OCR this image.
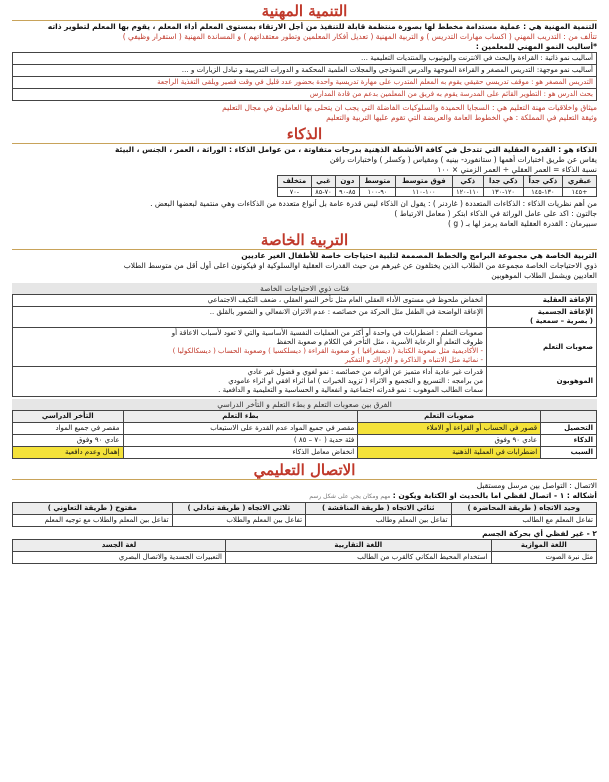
التنمية المهنية
التنمية المهنية هي : عملية مستدامة مخطط لها بصورة منتظمة قابلة للتنفيذ من أجل الارتقاء بمستوى المعلم أداء المعلم ، يقوم بها المعلم لتطوير ذاته
تتألف من : التدريب المهني ( اكساب مهارات التدريس ) و التربية المهنية ( تعديل أفكار المعلمين وتطور معتقداتهم ) و المساندة المهنية ( استقرار وظيفي )
*أساليب النمو المهني للمعلمين :
أساليب نمو ذاتية : القراءة والبحث في الانترنت واليوتيوب والمنتديات التعليمية …
أساليب نمو موجهة: التدريس المصغر و القراءة الموجهة والدرس النموذجي والمجلات العلمية المحكمة و الدورات التدريبية و تبادل الزيارات و …
التدريس المصغر هو : موقف تدريسي حقيقي يقوم به المعلم المتدرب على مهارة تدريسية واحدة بحضور عدد قليل في وقت قصير ويلقى التغذية الراجعة
بحث الدرس هو : التطوير القائم على المدرسة يقوم به فريق من المعلمين بدعم من قادة المدارس
ميثاق واخلاقيات مهنة التعليم هي : السجايا الحميدة والسلوكيات الفاضلة التي يجب ان يتحلى بها العاملون في مجال التعليم
وثيقة التعليم في المملكة : هي الخطوط العامة والعريضة التي تقوم عليها التربية والتعليم
الذكاء
الذكاء هو : القدرة العقلية التي تتدخل في كافة الأنشطة الذهنية بدرجات متفاوتة ، من عوامل الذكاء : الوراثة ، العمر ، الجنس ، البيئة
يقاس عن طريق اختبارات أهمها ( ستانفورد- بينيه ) ومقياس ( وكسلر ) واختبارات رافن
نسبة الذكاء = العمر العقلي ÷ العمر الزمني × ١٠٠
عبقري	ذكي جداً	ذكي جدا	ذكي	فوق متوسط	متوسط	دون	غبي	متخلف
+١٤٥	١٣٠-١٤٥	١٢٠-١٣٠	١١٠-١٢٠	١٠٠-١١٠	٩٠-١٠٠	٨٥-٩٠	٧٠-٨٥	-٧٠
من أهم نظريات الذكاء : الذكاءات المتعددة ( غاردنر ) : يقول ان الذكاء ليس قدرة عامة بل أنواع متعددة من الذكاءات وهي منتمية لبعضها البعض .
جالتون : اكد على عامل الوراثة في الذكاء ابتكر ( معامل الارتباط )
سبيرمان : القدرة العقلية العامة يرمز لها بـ ( g )
التربية الخاصة
التربية الخاصة هي مجموعة البرامج والخطط المصممة لتلبية احتياجات خاصة للأطفال الغير عاديين
ذوي الاحتياجات الخاصة مجموعة من الطلاب الذين يختلفون عن غيرهم من حيث القدرات العقلية اوالسلوكية او فيكونون اعلى أول أقل من متوسط الطلاب
العاديين ويشمل الطلاب الموهوبين
فئات ذوي الاحتياجات الخاصة
الإعاقة العقلية	انخفاض ملحوظ في مستوى الأداء العقلي العام مثل تأخر النمو العقلي ، ضعف التكيف الاجتماعي
الإعاقة الجسمية
( بصرية – سمعية )	الإعاقة الواضحة في الطفل مثل الحركة من خصائصه : عدم الاتزان الانفعالي و الشعور بالقلق ..
صعوبات التعلم	صعوبات التعلم : اضطرابات في واحدة أو أكثر من العمليات النفسية الأساسية والتي لا تعود لأسباب الاعاقة أو
ظروف التعلم أو الرعاية الأسرية ، مثل التأخر في الكلام و صعوبة الحفظ
- الأكاديمية مثل صعوبة الكتابة ( ديسغرافيا ) و صعوبة القراءة ( ديسلكسيا ) وصعوبة الحساب ( ديسكالكوليا )
- نمائية مثل الانتباه و الذاكرة و الإدراك و التفكير

الموهوبون	قدرات غير عادية أداء متميز عن أقرانه من خصائصه : نمو لغوي و فضول غير عادي
من برامجه : التسريع و التجميع و الاثراء ( تزويد الخبرات ) اما اثراء افقي او اثراء عامودي
سمات الطالب الموهوب : نمو قدراته اجتماعية و انفعالية و الحساسية و التعليمية و الدافعية .
الفرق بين صعوبات التعلم و بطء التعلم و التأخر الدراسي
	صعوبات التعلم	بطء التعلم	التأخر الدراسي
التحصيل	قصور في الحساب أو القراءة أو الاملاء	مقصر في جميع المواد عدم القدرة على الاستيعاب	مقصر في جميع المواد
الذكاء	عادي ٩٠ وفوق	فئة حدية ( ٧٠ – ٨٥ )	عادي ٩٠ وفوق
السبب	اضطرابات في العملية الذهنية	انخفاض معامل الذكاء	إهمال وعدم دافعية
الاتصال التعليمي
الاتصال : التواصل بين مرسل ومستقبل
أشكاله : ١ - اتصال لفظي اما بالحديث او الكتابة ويكون : مهم ومكان يجي على شكل رسم
وحيد الاتجاه ( طريقة المحاضرة )	ثنائي الاتجاه ( طريقة المناقشة )	ثلاثي الاتجاه ( طريقة تبادلي )	مفتوح ( طريقة التعاوني )
تفاعل المعلم مع الطالب	تفاعل بين المعلم وطالب	تفاعل بين المعلم والطلاب	تفاعل بين المعلم والطلاب مع توجيه المعلم
٢ - غير لفظي أي بحركة الجسم
اللغة الموازية	اللغة التقاربية	لغة الجسد
مثل نبرة الصوت	استخدام المحيط المكاني كالقرب من الطالب	التعبيرات الجسدية والاتصال البصري
